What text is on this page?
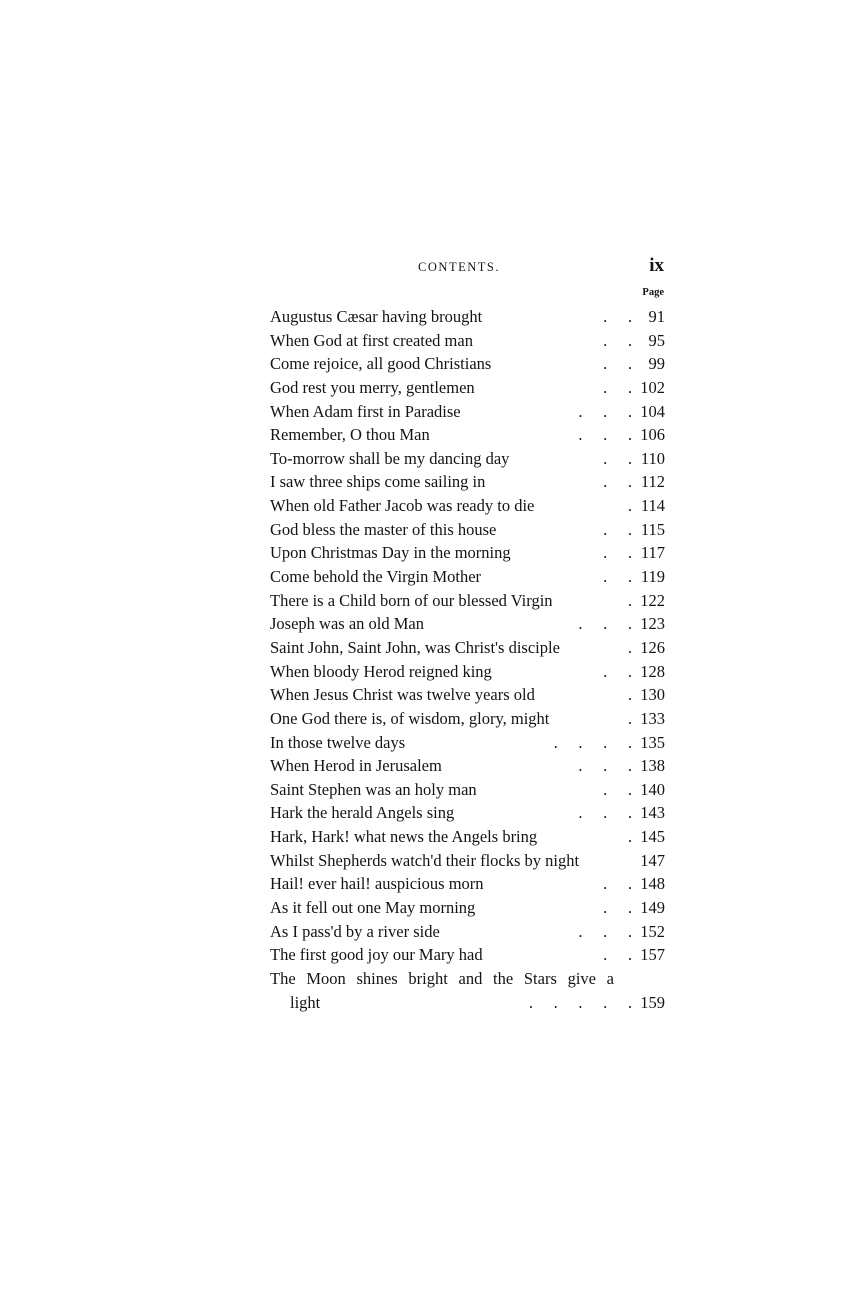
CONTENTS.	ix
Page
Augustus Cæsar having brought	.     .	91
When God at first created man	.     .	95
Come rejoice, all good Christians	.     .	99
God rest you merry, gentlemen	.     . 102
When Adam first in Paradise	.     .     . 104
Remember, O thou Man	.     .     . 106
To-morrow shall be my dancing day	.     . 110
I saw three ships come sailing in	.     . 112
When old Father Jacob was ready to die	. 114
God bless the master of this house	.     . 115
Upon Christmas Day in the morning	.     . 117
Come behold the Virgin Mother	.     . 119
There is a Child born of our blessed Virgin	. 122
Joseph was an old Man	.     .     . 123
Saint John, Saint John, was Christ's disciple	. 126
When bloody Herod reigned king	.     . 128
When Jesus Christ was twelve years old	. 130
One God there is, of wisdom, glory, might	. 133
In those twelve days	.     .     .     . 135
When Herod in Jerusalem	.     .     . 138
Saint Stephen was an holy man	.     . 140
Hark the herald Angels sing	.     .     . 143
Hark, Hark! what news the Angels bring	. 145
Whilst Shepherds watch'd their flocks by night	147
Hail! ever hail! auspicious morn	.     . 148
As it fell out one May morning	.     . 149
As I pass'd by a river side	.     .     . 152
The first good joy our Mary had	.     . 157
The Moon shines bright and the Stars give a
light	.     .     .     .     . 159
